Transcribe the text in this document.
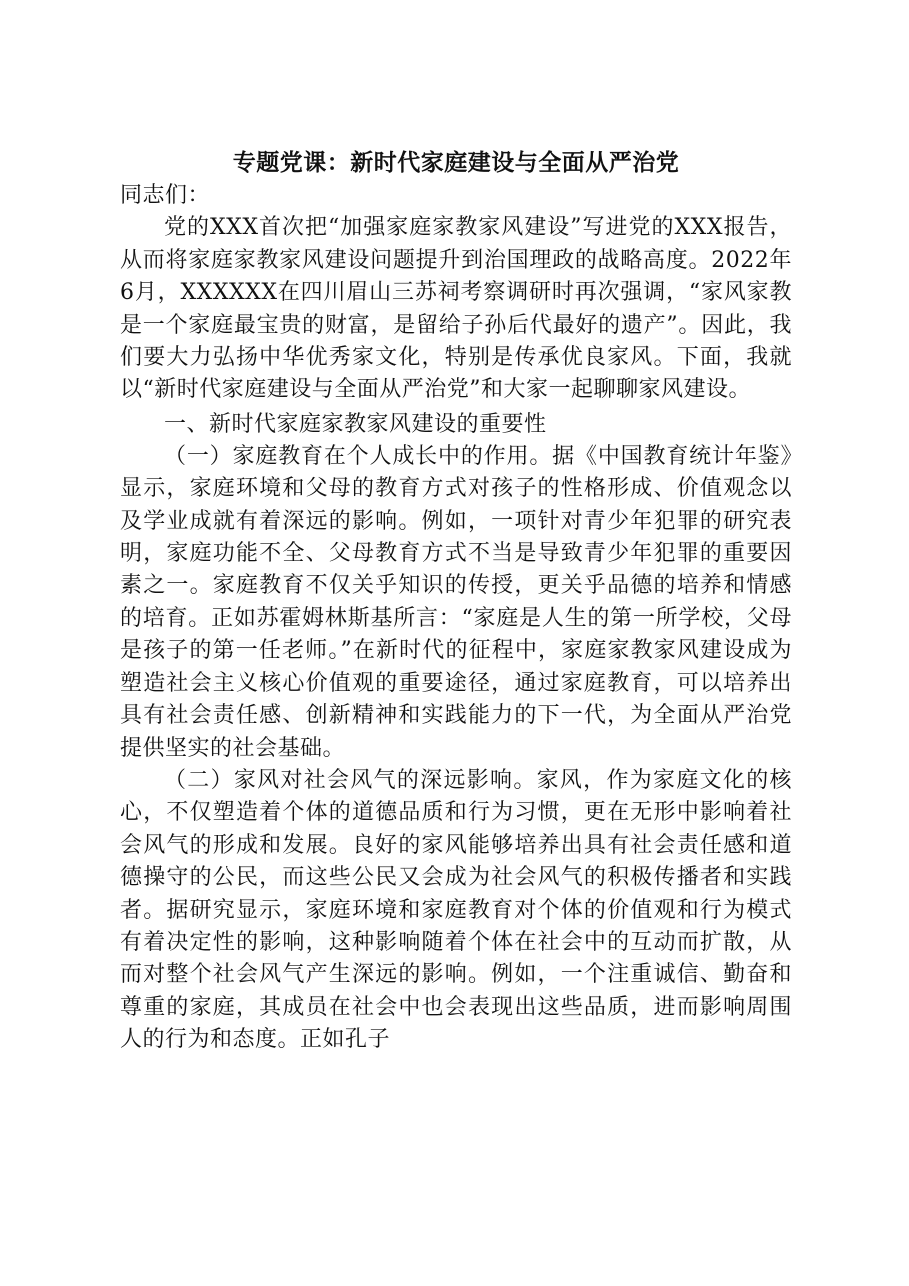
专题党课：新时代家庭建设与全面从严治党

同志们：

党的XXX首次把“加强家庭家教家风建设”写进党的XXX报告，从而将家庭家教家风建设问题提升到治国理政的战略高度。2022年6月，XXXXXX在四川眉山三苏祠考察调研时再次强调，“家风家教是一个家庭最宝贵的财富，是留给子孙后代最好的遗产”。因此，我们要大力弘扬中华优秀家文化，特别是传承优良家风。下面，我就以“新时代家庭建设与全面从严治党”和大家一起聊聊家风建设。

一、新时代家庭家教家风建设的重要性

（一）家庭教育在个人成长中的作用。据《中国教育统计年鉴》显示，家庭环境和父母的教育方式对孩子的性格形成、价值观念以及学业成就有着深远的影响。例如，一项针对青少年犯罪的研究表明，家庭功能不全、父母教育方式不当是导致青少年犯罪的重要因素之一。家庭教育不仅关乎知识的传授，更关乎品德的培养和情感的培育。正如苏霍姆林斯基所言：“家庭是人生的第一所学校，父母是孩子的第一任老师。”在新时代的征程中，家庭家教家风建设成为塑造社会主义核心价值观的重要途径，通过家庭教育，可以培养出具有社会责任感、创新精神和实践能力的下一代，为全面从严治党提供坚实的社会基础。

（二）家风对社会风气的深远影响。家风，作为家庭文化的核心，不仅塑造着个体的道德品质和行为习惯，更在无形中影响着社会风气的形成和发展。良好的家风能够培养出具有社会责任感和道德操守的公民，而这些公民又会成为社会风气的积极传播者和实践者。据研究显示，家庭环境和家庭教育对个体的价值观和行为模式有着决定性的影响，这种影响随着个体在社会中的互动而扩散，从而对整个社会风气产生深远的影响。例如，一个注重诚信、勤奋和尊重的家庭，其成员在社会中也会表现出这些品质，进而影响周围人的行为和态度。正如孔子
